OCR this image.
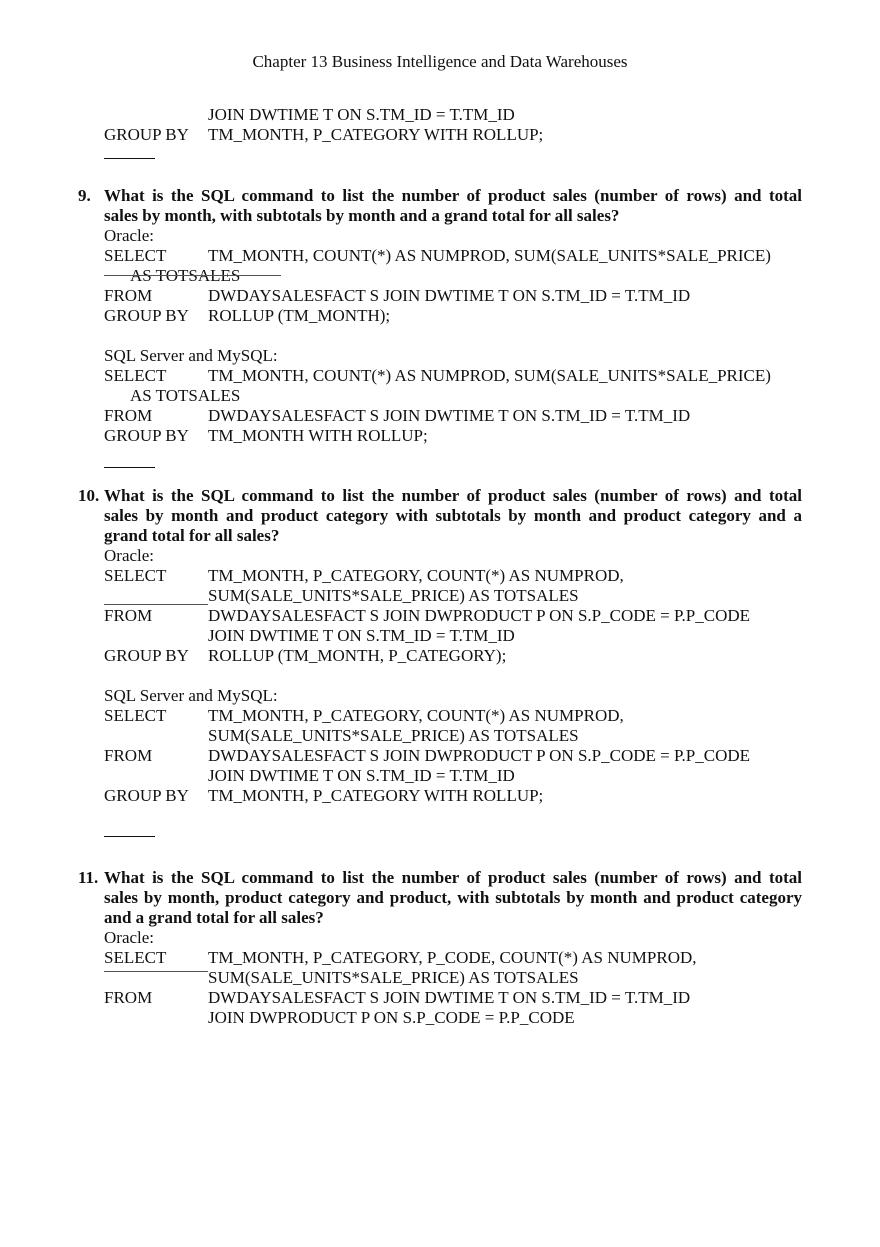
Chapter 13 Business Intelligence and Data Warehouses
JOIN DWTIME T ON S.TM_ID = T.TM_ID
GROUP BY TM_MONTH, P_CATEGORY WITH ROLLUP;
9. What is the SQL command to list the number of product sales (number of rows) and total
sales by month, with subtotals by month and a grand total for all sales?
Oracle:
SELECT TM_MONTH, COUNT(*) AS NUMPROD, SUM(SALE_UNITS*SALE_PRICE)
AS TOTSALES
FROM	DWDAYSALESFACT S JOIN DWTIME T ON S.TM_ID = T.TM_ID
GROUP BY ROLLUP (TM_MONTH);
SQL Server and MySQL:
SELECT TM_MONTH, COUNT(*) AS NUMPROD, SUM(SALE_UNITS*SALE_PRICE)
AS TOTSALES
FROM	DWDAYSALESFACT S JOIN DWTIME T ON S.TM_ID = T.TM_ID
GROUP BY TM_MONTH WITH ROLLUP;
10. What is the SQL command to list the number of product sales (number of rows) and total
sales by month and product category with subtotals by month and product category and a
grand total for all sales?
Oracle:
SELECT TM_MONTH, P_CATEGORY, COUNT(*) AS NUMPROD,
SUM(SALE_UNITS*SALE_PRICE) AS TOTSALES
FROM	DWDAYSALESFACT S JOIN DWPRODUCT P ON S.P_CODE = P.P_CODE
JOIN DWTIME T ON S.TM_ID = T.TM_ID
GROUP BY ROLLUP (TM_MONTH, P_CATEGORY);
SQL Server and MySQL:
SELECT TM_MONTH, P_CATEGORY, COUNT(*) AS NUMPROD,
SUM(SALE_UNITS*SALE_PRICE) AS TOTSALES
FROM	DWDAYSALESFACT S JOIN DWPRODUCT P ON S.P_CODE = P.P_CODE
JOIN DWTIME T ON S.TM_ID = T.TM_ID
GROUP BY TM_MONTH, P_CATEGORY WITH ROLLUP;
11. What is the SQL command to list the number of product sales (number of rows) and total
sales by month, product category and product, with subtotals by month and product category
and a grand total for all sales?
Oracle:
SELECT TM_MONTH, P_CATEGORY, P_CODE, COUNT(*) AS NUMPROD,
SUM(SALE_UNITS*SALE_PRICE) AS TOTSALES
FROM	DWDAYSALESFACT S JOIN DWTIME T ON S.TM_ID = T.TM_ID
JOIN DWPRODUCT P ON S.P_CODE = P.P_CODE
